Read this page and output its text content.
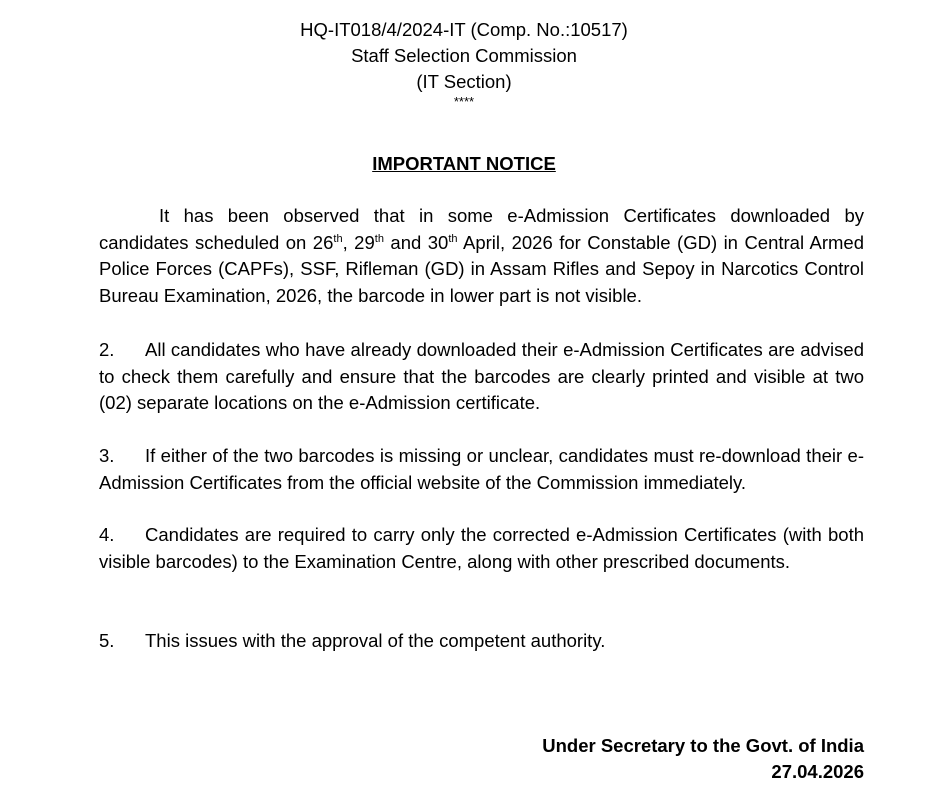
HQ-IT018/4/2024-IT (Comp. No.:10517)
Staff Selection Commission
(IT Section)
****
IMPORTANT NOTICE
It has been observed that in some e-Admission Certificates downloaded by candidates scheduled on 26th, 29th and 30th April, 2026 for Constable (GD) in Central Armed Police Forces (CAPFs), SSF, Rifleman (GD) in Assam Rifles and Sepoy in Narcotics Control Bureau Examination, 2026, the barcode in lower part is not visible.
2. All candidates who have already downloaded their e-Admission Certificates are advised to check them carefully and ensure that the barcodes are clearly printed and visible at two (02) separate locations on the e-Admission certificate.
3. If either of the two barcodes is missing or unclear, candidates must re-download their e-Admission Certificates from the official website of the Commission immediately.
4. Candidates are required to carry only the corrected e-Admission Certificates (with both visible barcodes) to the Examination Centre, along with other prescribed documents.
5. This issues with the approval of the competent authority.
Under Secretary to the Govt. of India
27.04.2026
